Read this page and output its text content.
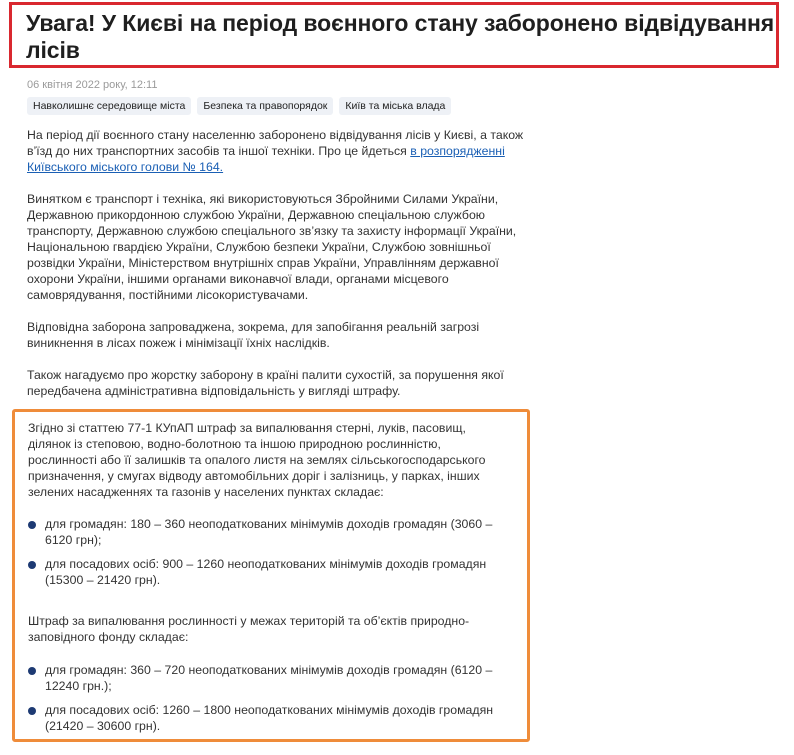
Увага! У Києві на період воєнного стану заборонено відвідування лісів
06 квітня 2022 року, 12:11
Навколишнє середовище міста	Безпека та правопорядок	Київ та міська влада

На період дії воєнного стану населенню заборонено відвідування лісів у Києві, а також в’їзд до них транспортних засобів та іншої техніки. Про це йдеться в розпорядженні Київського міського голови № 164.

Винятком є транспорт і техніка, які використовуються Збройними Силами України, Державною прикордонною службою України, Державною спеціальною службою транспорту, Державною службою спеціального зв’язку та захисту інформації України, Національною гвардією України, Службою безпеки України, Службою зовнішньої розвідки України, Міністерством внутрішніх справ України, Управлінням державної охорони України, іншими органами виконавчої влади, органами місцевого самоврядування, постійними лісокористувачами.

Відповідна заборона запроваджена, зокрема, для запобігання реальній загрозі виникнення в лісах пожеж і мінімізації їхніх наслідків.

Також нагадуємо про жорстку заборону в країні палити сухостій, за порушення якої передбачена адміністративна відповідальність у вигляді штрафу.

Згідно зі статтею 77-1 КУпАП штраф за випалювання стерні, луків, пасовищ, ділянок із степовою, водно-болотною та іншою природною рослинністю, рослинності або її залишків та опалого листя на землях сільськогосподарського призначення, у смугах відводу автомобільних доріг і залізниць, у парках, інших зелених насадженнях та газонів у населених пунктах складає:

для громадян: 180 – 360 неоподаткованих мінімумів доходів громадян (3060 – 6120 грн);
для посадових осіб: 900 – 1260 неоподаткованих мінімумів доходів громадян (15300 – 21420 грн).

Штраф за випалювання рослинності у межах територій та об’єктів природно-заповідного фонду складає:

для громадян: 360 – 720 неоподаткованих мінімумів доходів громадян (6120 – 12240 грн.);
для посадових осіб: 1260 – 1800 неоподаткованих мінімумів доходів громадян (21420 – 30600 грн).
